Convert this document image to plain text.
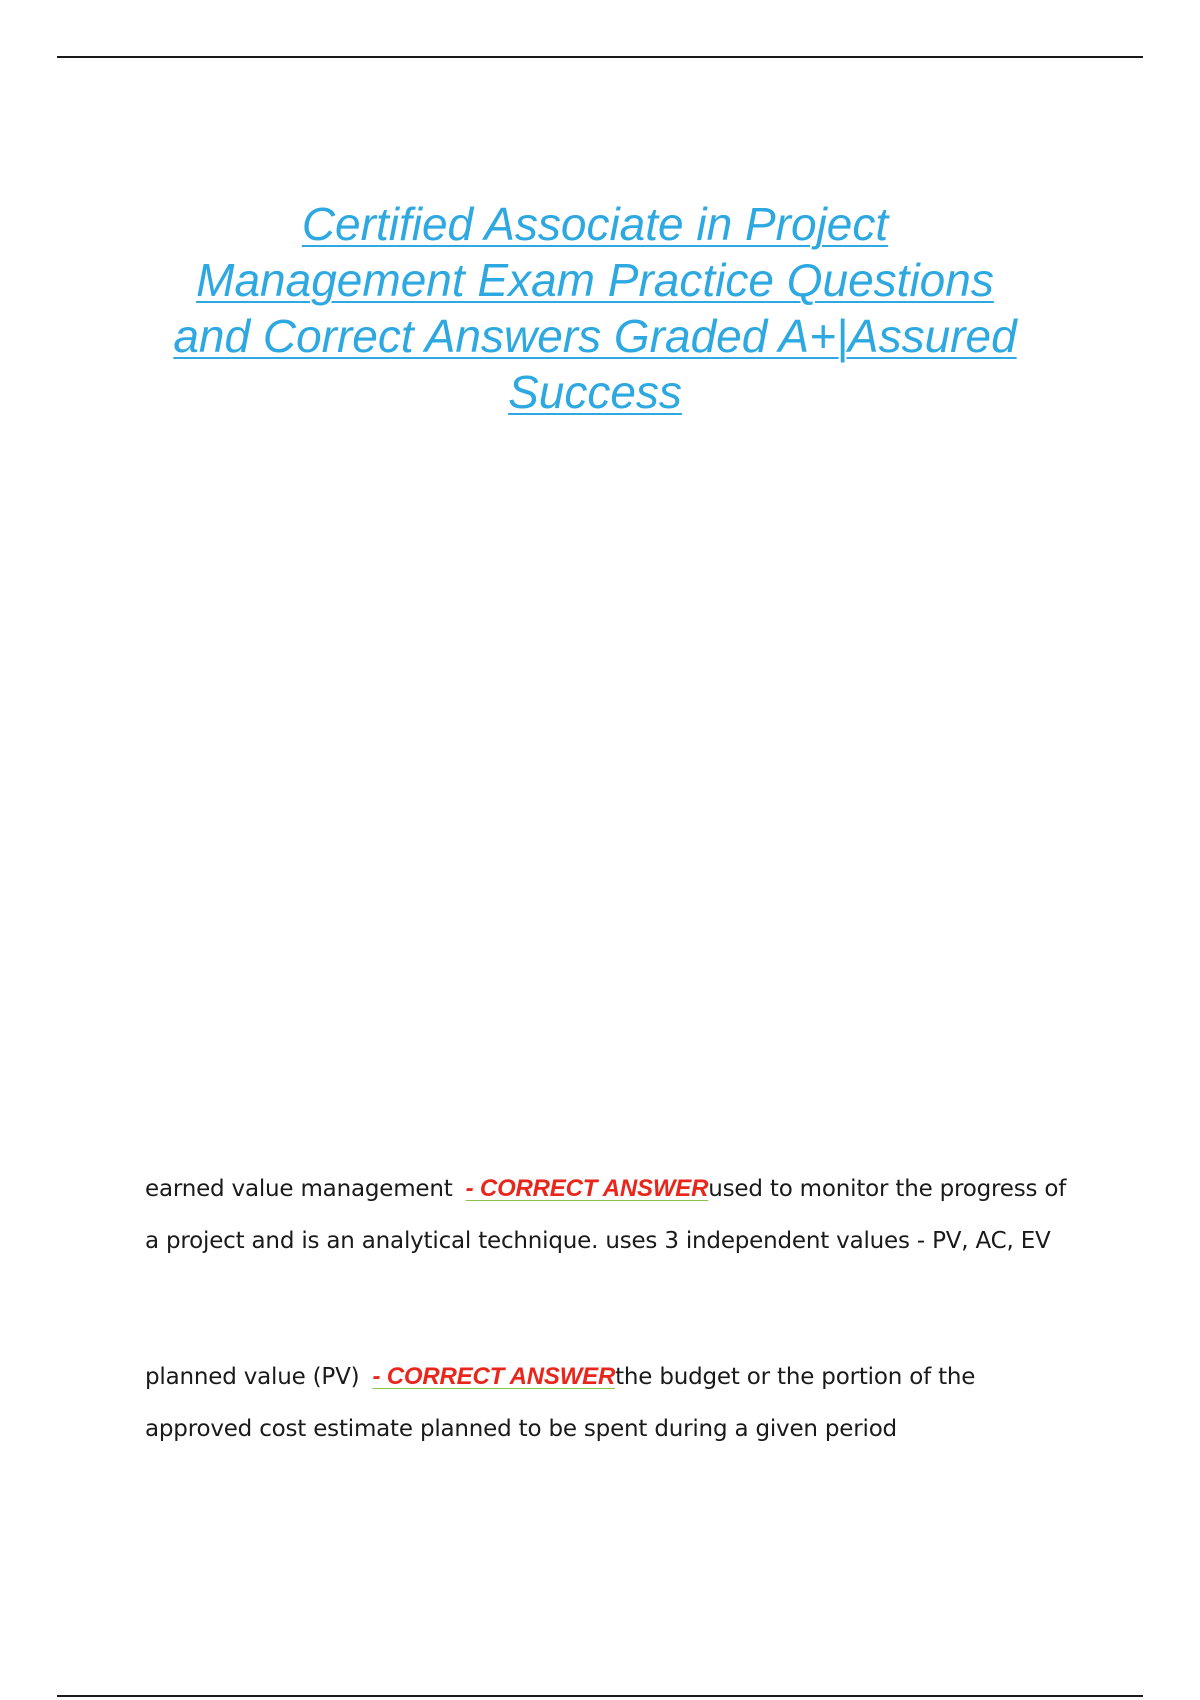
Certified Associate in Project
Management Exam Practice Questions
and Correct Answers Graded A+|Assured
Success

earned value management - CORRECT ANSWERused to monitor the progress of a project and is an analytical technique. uses 3 independent values - PV, AC, EV

planned value (PV) - CORRECT ANSWERthe budget or the portion of the approved cost estimate planned to be spent during a given period
